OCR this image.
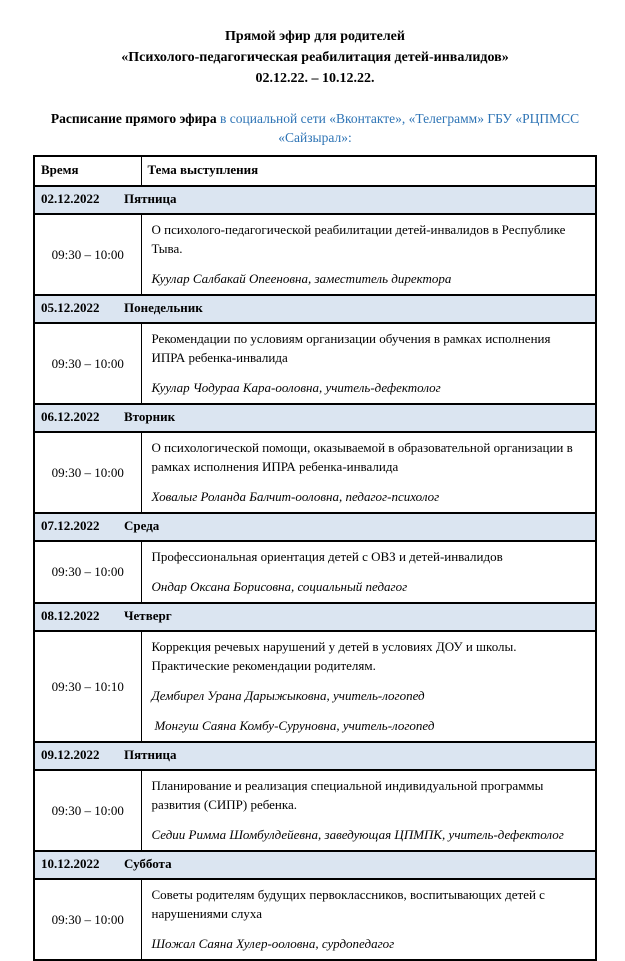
Прямой эфир для родителей
«Психолого-педагогическая реабилитация детей-инвалидов»
02.12.22. – 10.12.22.

Расписание прямого эфира в социальной сети «Вконтакте», «Телеграмм» ГБУ «РЦПМСС «Сайзырал»:

Время	Тема выступления
02.12.2022 Пятница	
09:30 – 10:00	О психолого-педагогической реабилитации детей-инвалидов в Республике Тыва.

Куулар Салбакай Опееновна, заместитель директора

05.12.2022 Понедельник	
09:30 – 10:00	Рекомендации по условиям организации обучения в рамках исполнения ИПРА ребенка-инвалида

Куулар Чодураа Кара-ооловна, учитель-дефектолог

06.12.2022 Вторник	
09:30 – 10:00	О психологической помощи, оказываемой в образовательной организации в рамках исполнения ИПРА ребенка-инвалида

Ховалыг Роланда Балчит-ооловна, педагог-психолог

07.12.2022 Среда	
09:30 – 10:00	Профессиональная ориентация детей с ОВЗ и детей-инвалидов

Ондар Оксана Борисовна, социальный педагог

08.12.2022 Четверг	
09:30 – 10:10	Коррекция речевых нарушений у детей в условиях ДОУ и школы. Практические рекомендации родителям.

Дембирел Урана Дарыжыковна, учитель-логопед

Монгуш Саяна Комбу-Суруновна, учитель-логопед

09.12.2022 Пятница	
09:30 – 10:00	Планирование и реализация специальной индивидуальной программы развития (СИПР) ребенка.

Седии Римма Шомбулдейевна, заведующая ЦПМПК, учитель-дефектолог

10.12.2022 Суббота	
09:30 – 10:00	Советы родителям будущих первоклассников, воспитывающих детей с нарушениями слуха

Шожал Саяна Хулер-ооловна, сурдопедагог
